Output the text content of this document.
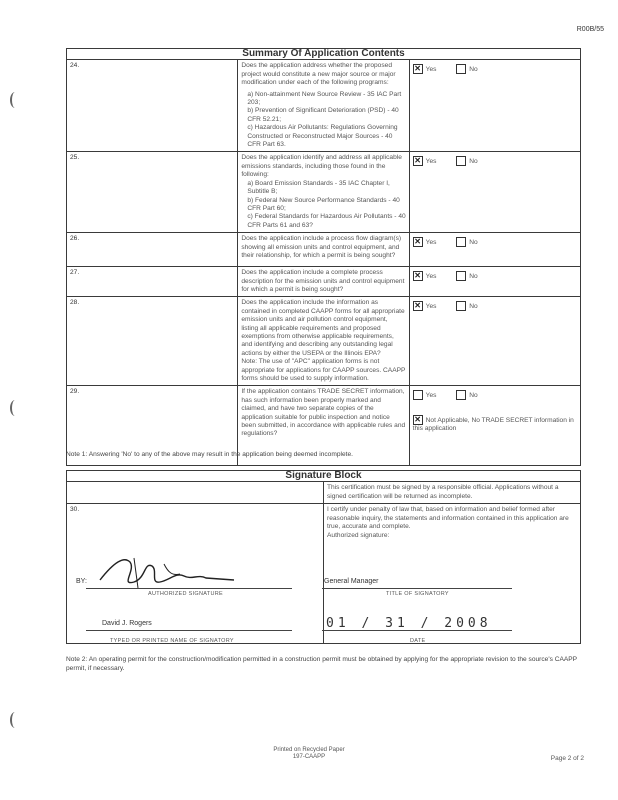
R00B/55
Summary Of Application Contents		
24.	Does the application address whether the proposed project would constitute a new major source or major modification under each of the following programs:
a) Non-attainment New Source Review - 35 IAC Part 203;
b) Prevention of Significant Deterioration (PSD) - 40 CFR 52.21;
c) Hazardous Air Pollutants: Regulations Governing Constructed or Reconstructed Major Sources - 40 CFR Part 63.	✕ Yes No

25.	Does the application identify and address all applicable emissions standards, including those found in the following:
a) Board Emission Standards - 35 IAC Chapter I, Subtitle B;
b) Federal New Source Performance Standards - 40 CFR Part 60;
c) Federal Standards for Hazardous Air Pollutants - 40 CFR Parts 61 and 63?	✕ Yes No

26.	Does the application include a process flow diagram(s) showing all emission units and control equipment, and their relationship, for which a permit is being sought?	✕ Yes No

27.	Does the application include a complete process description for the emission units and control equipment for which a permit is being sought?	✕ Yes No

28.	Does the application include the information as contained in completed CAAPP forms for all appropriate emission units and air pollution control equipment, listing all applicable requirements and proposed exemptions from otherwise applicable requirements, and identifying and describing any outstanding legal actions by either the USEPA or the Illinois EPA?
Note: The use of "APC" application forms is not appropriate for applications for CAAPP sources. CAAPP forms should be used to supply information.	✕ Yes No

29.	If the application contains TRADE SECRET information, has such information been properly marked and claimed, and have two separate copies of the application suitable for public inspection and notice been submitted, in accordance with applicable rules and regulations?	Yes No
✕ Not Applicable, No TRADE SECRET information in this application
Note 1: Answering 'No' to any of the above may result in the application being deemed incomplete.
Signature Block	
	This certification must be signed by a responsible official. Applications without a signed certification will be returned as incomplete.
30.	I certify under penalty of law that, based on information and belief formed after reasonable inquiry, the statements and information contained in this application are true, accurate and complete.
Authorized signature:
BY:
AUTHORIZED SIGNATURE
General Manager
TITLE OF SIGNATORY
David J. Rogers
TYPED OR PRINTED NAME OF SIGNATORY
01 / 31 / 2008
DATE
Note 2: An operating permit for the construction/modification permitted in a construction permit must be obtained by applying for the appropriate revision to the source's CAAPP permit, if necessary.
Printed on Recycled Paper
197-CAAPP	Page 2 of 2
